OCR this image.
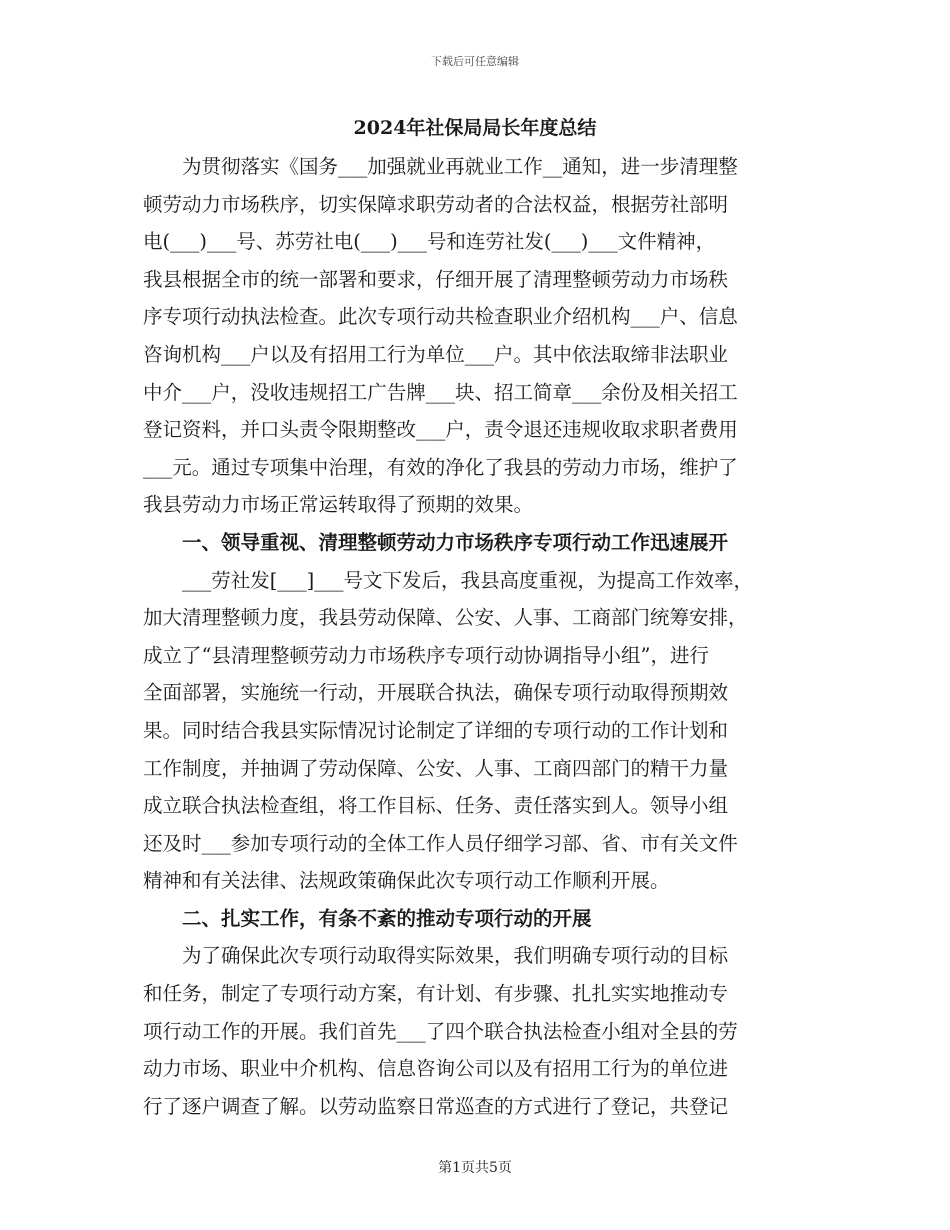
下载后可任意编辑
2024年社保局局长年度总结
　　为贯彻落实《国务___加强就业再就业工作__通知，进一步清理整
顿劳动力市场秩序，切实保障求职劳动者的合法权益，根据劳社部明
电(___)___号、苏劳社电(___)___号和连劳社发(___)___文件精神，
我县根据全市的统一部署和要求，仔细开展了清理整顿劳动力市场秩
序专项行动执法检查。此次专项行动共检查职业介绍机构___户、信息
咨询机构___户以及有招用工行为单位___户。其中依法取缔非法职业
中介___户，没收违规招工广告牌___块、招工简章___余份及相关招工
登记资料，并口头责令限期整改___户，责令退还违规收取求职者费用
___元。通过专项集中治理，有效的净化了我县的劳动力市场，维护了
我县劳动力市场正常运转取得了预期的效果。
　　一、领导重视、清理整顿劳动力市场秩序专项行动工作迅速展开
　　___劳社发[___]___号文下发后，我县高度重视，为提高工作效率，
加大清理整顿力度，我县劳动保障、公安、人事、工商部门统筹安排，
成立了“县清理整顿劳动力市场秩序专项行动协调指导小组”，进行
全面部署，实施统一行动，开展联合执法，确保专项行动取得预期效
果。同时结合我县实际情况讨论制定了详细的专项行动的工作计划和
工作制度，并抽调了劳动保障、公安、人事、工商四部门的精干力量
成立联合执法检查组，将工作目标、任务、责任落实到人。领导小组
还及时___参加专项行动的全体工作人员仔细学习部、省、市有关文件
精神和有关法律、法规政策确保此次专项行动工作顺利开展。
　　二、扎实工作，有条不紊的推动专项行动的开展
　　为了确保此次专项行动取得实际效果，我们明确专项行动的目标
和任务，制定了专项行动方案，有计划、有步骤、扎扎实实地推动专
项行动工作的开展。我们首先___了四个联合执法检查小组对全县的劳
动力市场、职业中介机构、信息咨询公司以及有招用工行为的单位进
行了逐户调查了解。以劳动监察日常巡查的方式进行了登记，共登记
第1页共5页
